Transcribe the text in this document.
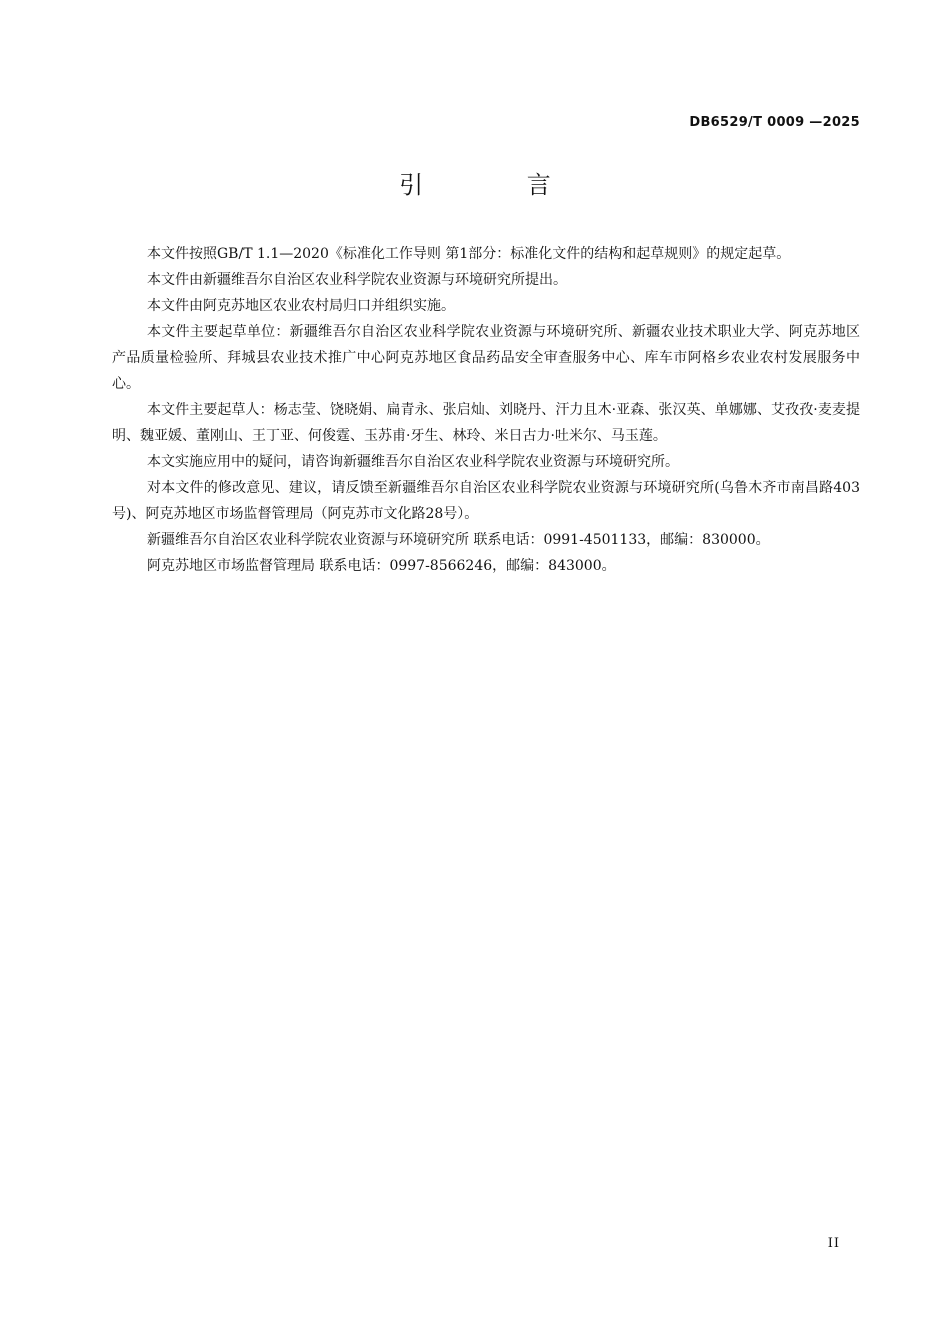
DB6529/T 0009 —2025
引 言

本文件按照GB/T 1.1—2020《标准化工作导则 第1部分：标准化文件的结构和起草规则》的规定起草。

本文件由新疆维吾尔自治区农业科学院农业资源与环境研究所提出。

本文件由阿克苏地区农业农村局归口并组织实施。

本文件主要起草单位：新疆维吾尔自治区农业科学院农业资源与环境研究所、新疆农业技术职业大学、阿克苏地区产品质量检验所、拜城县农业技术推广中心阿克苏地区食品药品安全审查服务中心、库车市阿格乡农业农村发展服务中心。

本文件主要起草人：杨志莹、饶晓娟、扁青永、张启灿、刘晓丹、汗力且木·亚森、张汉英、单娜娜、艾孜孜·麦麦提明、魏亚媛、董刚山、王丁亚、何俊霆、玉苏甫·牙生、林玲、米日古力·吐米尔、马玉莲。

本文实施应用中的疑问，请咨询新疆维吾尔自治区农业科学院农业资源与环境研究所。

对本文件的修改意见、建议，请反馈至新疆维吾尔自治区农业科学院农业资源与环境研究所(乌鲁木齐市南昌路403号)、阿克苏地区市场监督管理局（阿克苏市文化路28号）。

新疆维吾尔自治区农业科学院农业资源与环境研究所 联系电话：0991-4501133，邮编：830000。

阿克苏地区市场监督管理局 联系电话：0997-8566246，邮编：843000。

II
